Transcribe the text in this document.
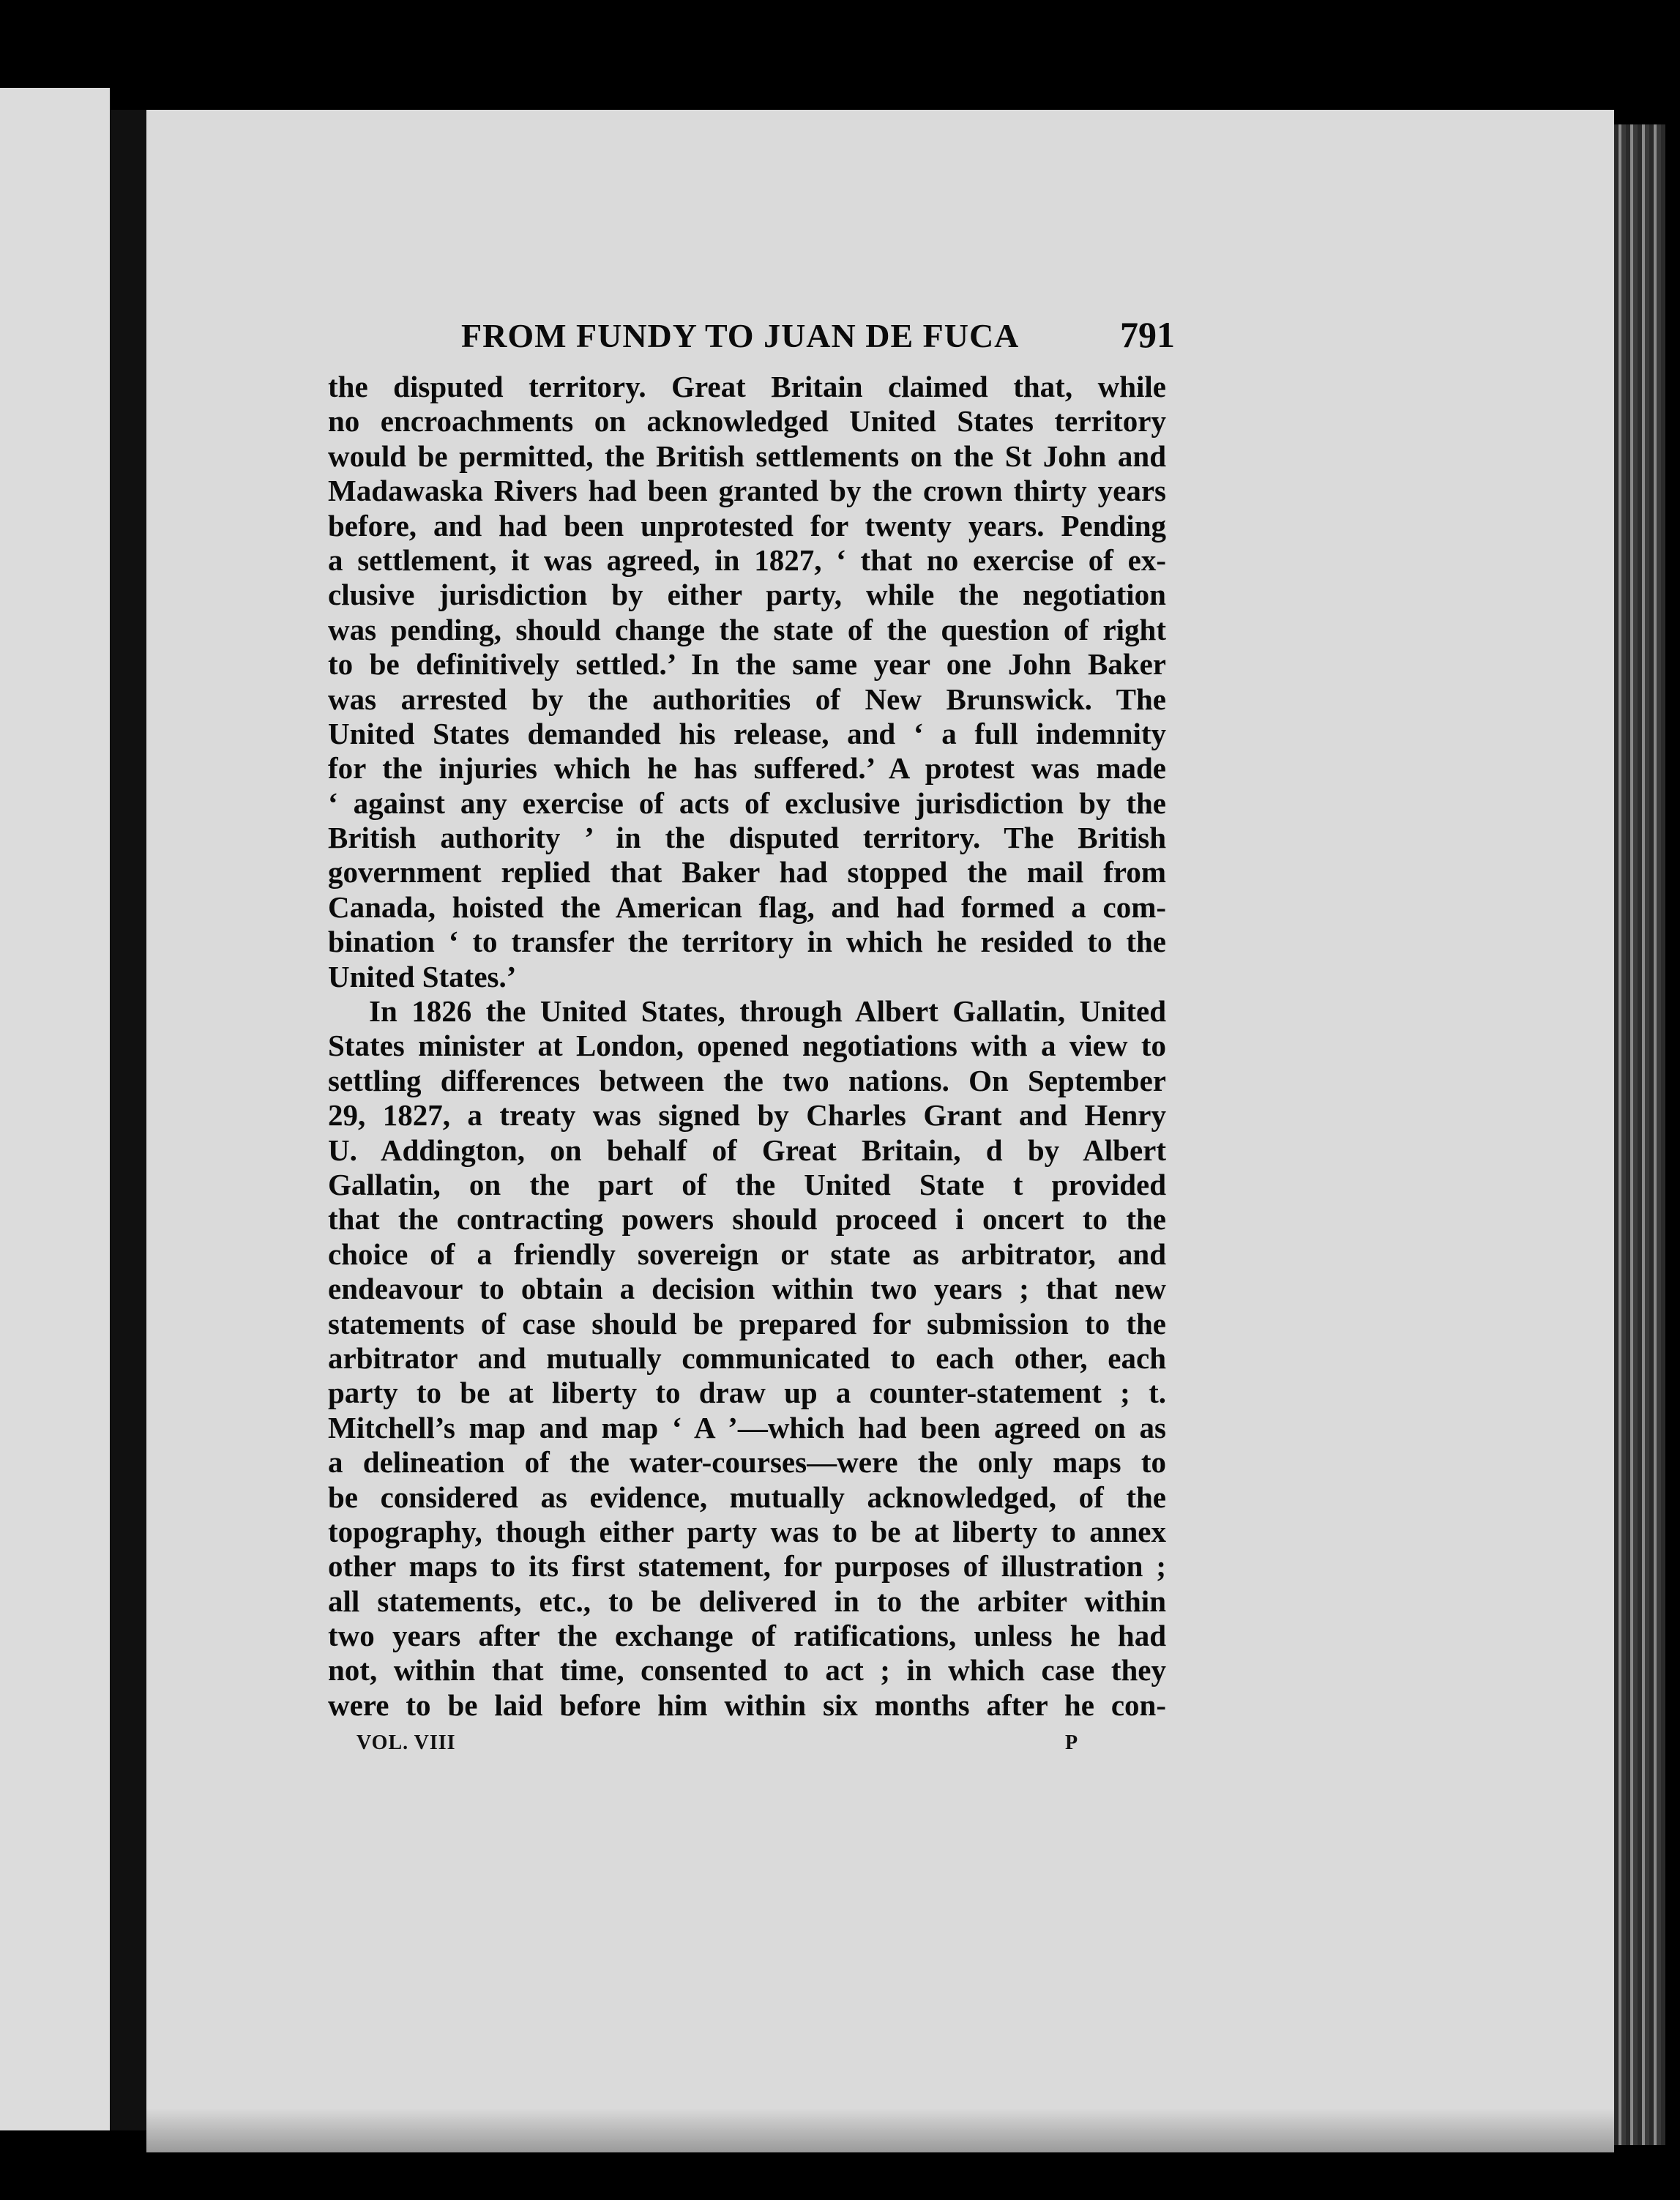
FROM FUNDY TO JUAN DE FUCA	791
the disputed territory. Great Britain claimed that, while
no encroachments on acknowledged United States territory
would be permitted, the British settlements on the St John and
Madawaska Rivers had been granted by the crown thirty years
before, and had been unprotested for twenty years. Pending
a settlement, it was agreed, in 1827, ‘ that no exercise of ex-
clusive jurisdiction by either party, while the negotiation
was pending, should change the state of the question of right
to be definitively settled.’ In the same year one John Baker
was arrested by the authorities of New Brunswick. The
United States demanded his release, and ‘ a full indemnity
for the injuries which he has suffered.’ A protest was made
‘ against any exercise of acts of exclusive jurisdiction by the
British authority ’ in the disputed territory. The British
government replied that Baker had stopped the mail from
Canada, hoisted the American flag, and had formed a com-
bination ‘ to transfer the territory in which he resided to the
United States.’
In 1826 the United States, through Albert Gallatin, United
States minister at London, opened negotiations with a view to
settling differences between the two nations. On September
29, 1827, a treaty was signed by Charles Grant and Henry
U. Addington, on behalf of Great Britain, d by Albert
Gallatin, on the part of the United State t provided
that the contracting powers should proceed i oncert to the
choice of a friendly sovereign or state as arbitrator, and
endeavour to obtain a decision within two years ; that new
statements of case should be prepared for submission to the
arbitrator and mutually communicated to each other, each
party to be at liberty to draw up a counter-statement ; t.
Mitchell’s map and map ‘ A ’—which had been agreed on as
a delineation of the water-courses—were the only maps to
be considered as evidence, mutually acknowledged, of the
topography, though either party was to be at liberty to annex
other maps to its first statement, for purposes of illustration ;
all statements, etc., to be delivered in to the arbiter within
two years after the exchange of ratifications, unless he had
not, within that time, consented to act ; in which case they
were to be laid before him within six months after he con-
VOL. VIII	P
